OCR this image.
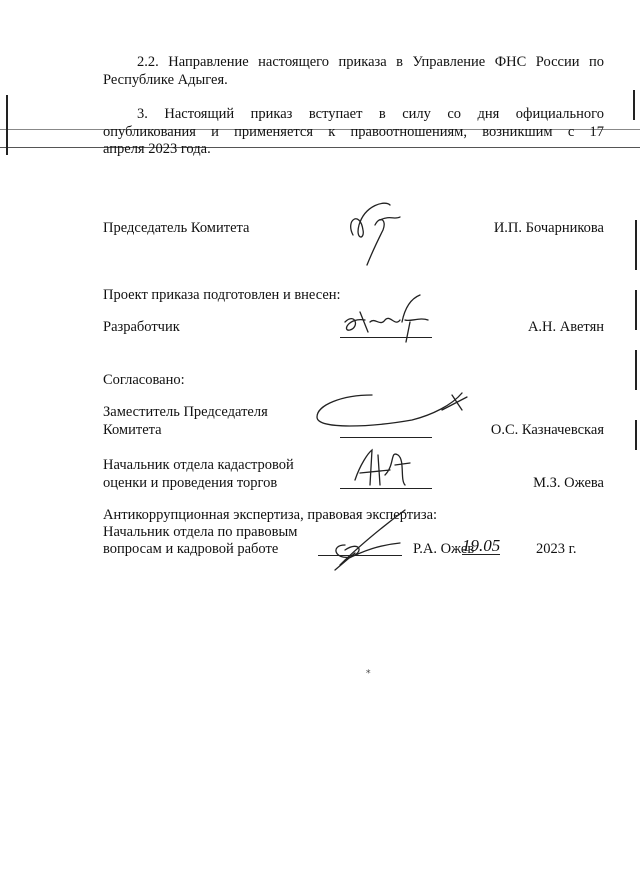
2.2. Направление настоящего приказа в Управление ФНС России по
Республике Адыгея.
3. Настоящий приказ вступает в силу со дня официального
опубликования и применяется к правоотношениям, возникшим с 17
апреля 2023 года.
Председатель Комитета	И.П. Бочарникова
Проект приказа подготовлен и внесен:
Разработчик	А.Н. Аветян
Согласовано:
Заместитель Председателя
Комитета	О.С. Казначевская
Начальник отдела кадастровой
оценки и проведения торгов	М.З. Ожева
Антикоррупционная экспертиза, правовая экспертиза:
Начальник отдела по правовым
вопросам и кадровой работе	Р.А. Ожев
19.05 2023 г.
⁎
